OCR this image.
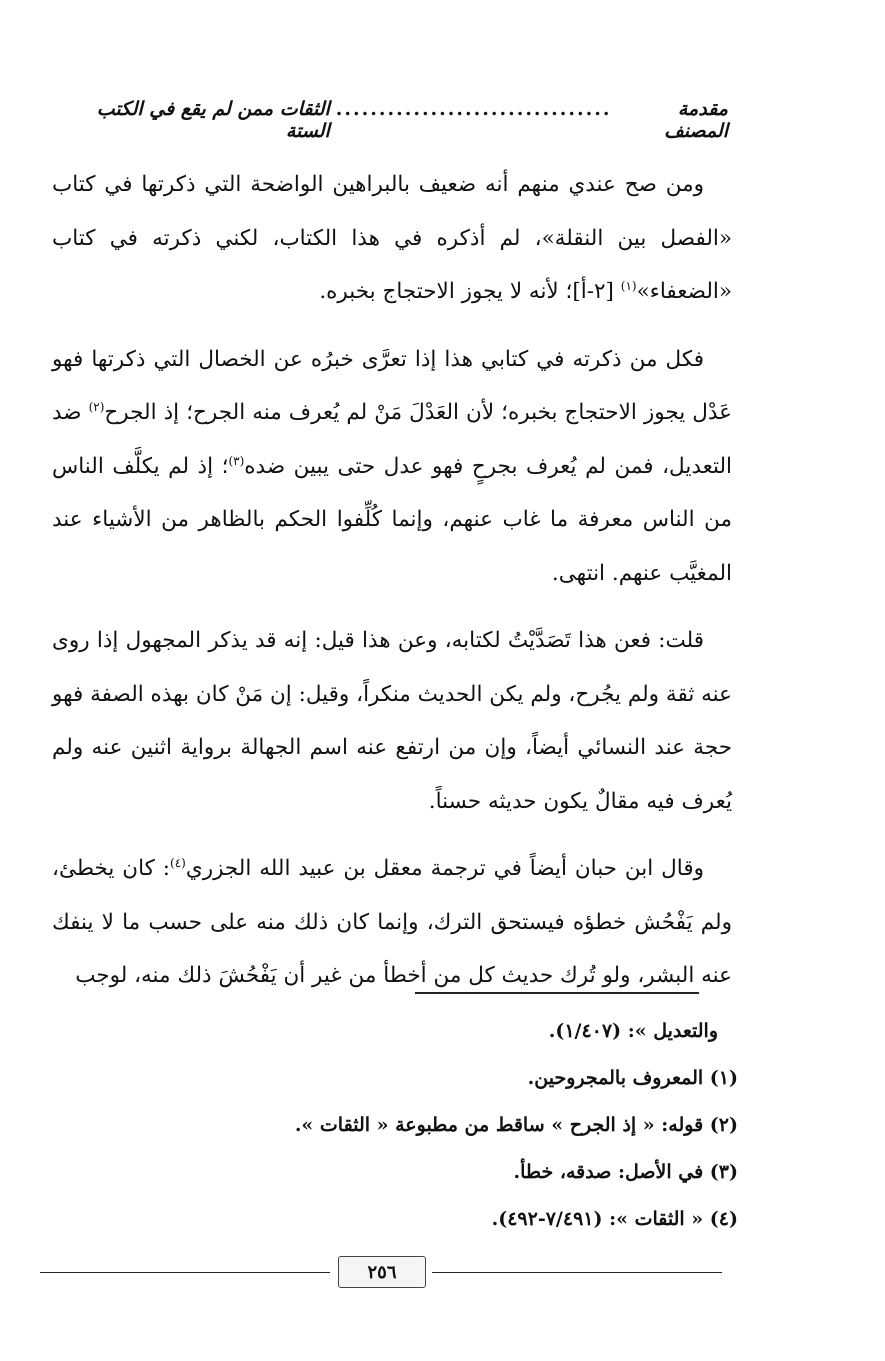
مقدمة المصنف
................................
الثقات ممن لم يقع في الكتب الستة

ومن صح عندي منهم أنه ضعيف بالبراهين الواضحة التي ذكرتها في كتاب «الفصل بين النقلة»، لم أذكره في هذا الكتاب، لكني ذكرته في كتاب «الضعفاء»$^{(١)}$ [٢-أ]؛ لأنه لا يجوز الاحتجاج بخبره.

فكل من ذكرته في كتابي هذا إذا تعرَّى خبرُه عن الخصال التي ذكرتها فهو عَدْل يجوز الاحتجاج بخبره؛ لأن العَدْلَ مَنْ لم يُعرف منه الجرح؛ إذ الجرح$^{(٢)}$ ضد التعديل، فمن لم يُعرف بجرحٍ فهو عدل حتى يبين ضده$^{(٣)}$؛ إذ لم يكلَّف الناس من الناس معرفة ما غاب عنهم، وإنما كُلِّفوا الحكم بالظاهر من الأشياء عند المغيَّب عنهم. انتهى.

قلت: فعن هذا تَصَدَّيْتُ لكتابه، وعن هذا قيل: إنه قد يذكر المجهول إذا روى عنه ثقة ولم يجُرح، ولم يكن الحديث منكراً، وقيل: إن مَنْ كان بهذه الصفة فهو حجة عند النسائي أيضاً، وإن من ارتفع عنه اسم الجهالة برواية اثنين عنه ولم يُعرف فيه مقالٌ يكون حديثه حسناً.

وقال ابن حبان أيضاً في ترجمة معقل بن عبيد الله الجزري$^{(٤)}$: كان يخطئ، ولم يَفْحُش خطؤه فيستحق الترك، وإنما كان ذلك منه على حسب ما لا ينفك عنه البشر، ولو تُرك حديث كل من أخطأ من غير أن يَفْحُشَ ذلك منه، لوجب

والتعديل »: (١/٤٠٧).

(١) المعروف بالمجروحين.

(٢) قوله: « إذ الجرح » ساقط من مطبوعة « الثقات ».

(٣) في الأصل: صدقه، خطأ.

(٤) « الثقات »: (٧/٤٩١-٤٩٢).

٢٥٦
